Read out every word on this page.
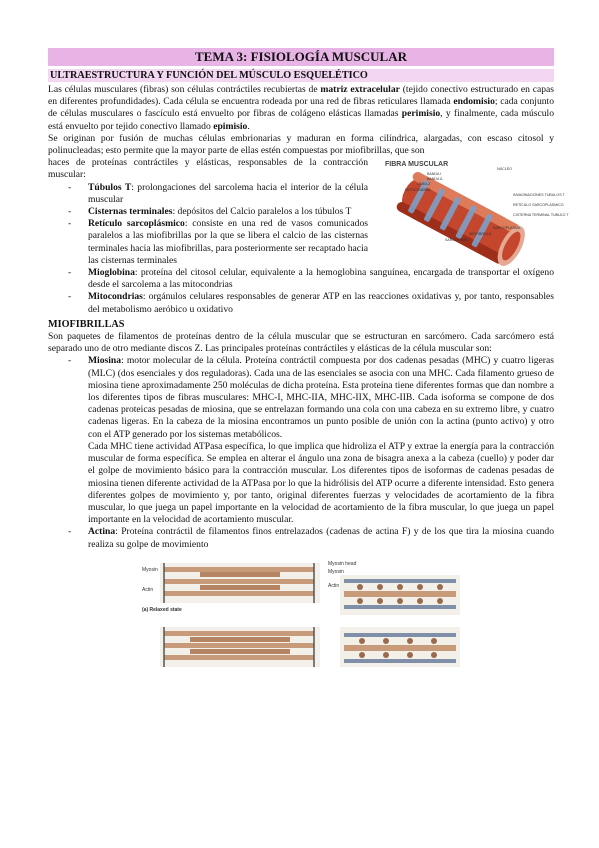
TEMA 3: FISIOLOGÍA MUSCULAR
ULTRAESTRUCTURA Y FUNCIÓN DEL MÚSCULO ESQUELÉTICO

Las células musculares (fibras) son células contráctiles recubiertas de matriz extracelular (tejido conectivo estructurado en capas en diferentes profundidades). Cada célula se encuentra rodeada por una red de fibras reticulares llamada endomisio; cada conjunto de células musculares o fascículo está envuelto por fibras de colágeno elásticas llamadas perimisio, y finalmente, cada músculo está envuelto por tejido conectivo llamado epimisio.

Se originan por fusión de muchas células embrionarias y maduran en forma cilíndrica, alargadas, con escaso citosol y polinucleadas; esto permite que la mayor parte de ellas estén compuestas por miofibrillas, que son

FIBRA MUSCULAR
NÚCLEO
BANDA I
BANDA A
LÍNEA Z
MITOCONDRIA
INVAGINACIONES TUBULOS T
RETÍCULO SARCOPLÁSMICO
CISTERNA TERMINAL TUBULO T
SARCOPLASMA
MIOFIBRILLA
SARCOLEMA

haces de proteínas contráctiles y elásticas, responsables de la contracción muscular:

- Túbulos T: prolongaciones del sarcolema hacia el interior de la célula muscular
- Cisternas terminales: depósitos del Calcio paralelos a los túbulos T
- Retículo sarcoplásmico: consiste en una red de vasos comunicados paralelos a las miofibrillas por la que se libera el calcio de las cisternas terminales hacia las miofibrillas, para posteriormente ser recaptado hacia las cisternas terminales
- Mioglobina: proteína del citosol celular, equivalente a la hemoglobina sanguínea, encargada de transportar el oxígeno desde el sarcolema a las mitocondrias
- Mitocondrias: orgánulos celulares responsables de generar ATP en las reacciones oxidativas y, por tanto, responsables del metabolismo aeróbico u oxidativo
MIOFIBRILLAS

Son paquetes de filamentos de proteínas dentro de la célula muscular que se estructuran en sarcómero. Cada sarcómero está separado uno de otro mediante discos Z. Las principales proteínas contráctiles y elásticas de la célula muscular son:

- Miosina: motor molecular de la célula. Proteína contráctil compuesta por dos cadenas pesadas (MHC) y cuatro ligeras (MLC) (dos esenciales y dos reguladoras). Cada una de las esenciales se asocia con una MHC. Cada filamento grueso de miosina tiene aproximadamente 250 moléculas de dicha proteína. Esta proteína tiene diferentes formas que dan nombre a los diferentes tipos de fibras musculares: MHC-I, MHC-IIA, MHC-IIX, MHC-IIB. Cada isoforma se compone de dos cadenas proteicas pesadas de miosina, que se entrelazan formando una cola con una cabeza en su extremo libre, y cuatro cadenas ligeras. En la cabeza de la miosina encontramos un punto posible de unión con la actina (punto activo) y otro con el ATP generado por los sistemas metabólicos.

Cada MHC tiene actividad ATPasa específica, lo que implica que hidroliza el ATP y extrae la energía para la contracción muscular de forma específica. Se emplea en alterar el ángulo una zona de bisagra anexa a la cabeza (cuello) y poder dar el golpe de movimiento básico para la contracción muscular. Los diferentes tipos de isoformas de cadenas pesadas de miosina tienen diferente actividad de la ATPasa por lo que la hidrólisis del ATP ocurre a diferente intensidad. Esto genera diferentes golpes de movimiento y, por tanto, original diferentes fuerzas y velocidades de acortamiento de la fibra muscular, lo que juega un papel importante en la velocidad de acortamiento de la fibra muscular, lo que juega un papel importante en la velocidad de acortamiento muscular.

- Actina: Proteína contráctil de filamentos finos entrelazados (cadenas de actina F) y de los que tira la miosina cuando realiza su golpe de movimiento
Myosin
Actin
(a) Relaxed state
Myosin head
Myosin
Actin
